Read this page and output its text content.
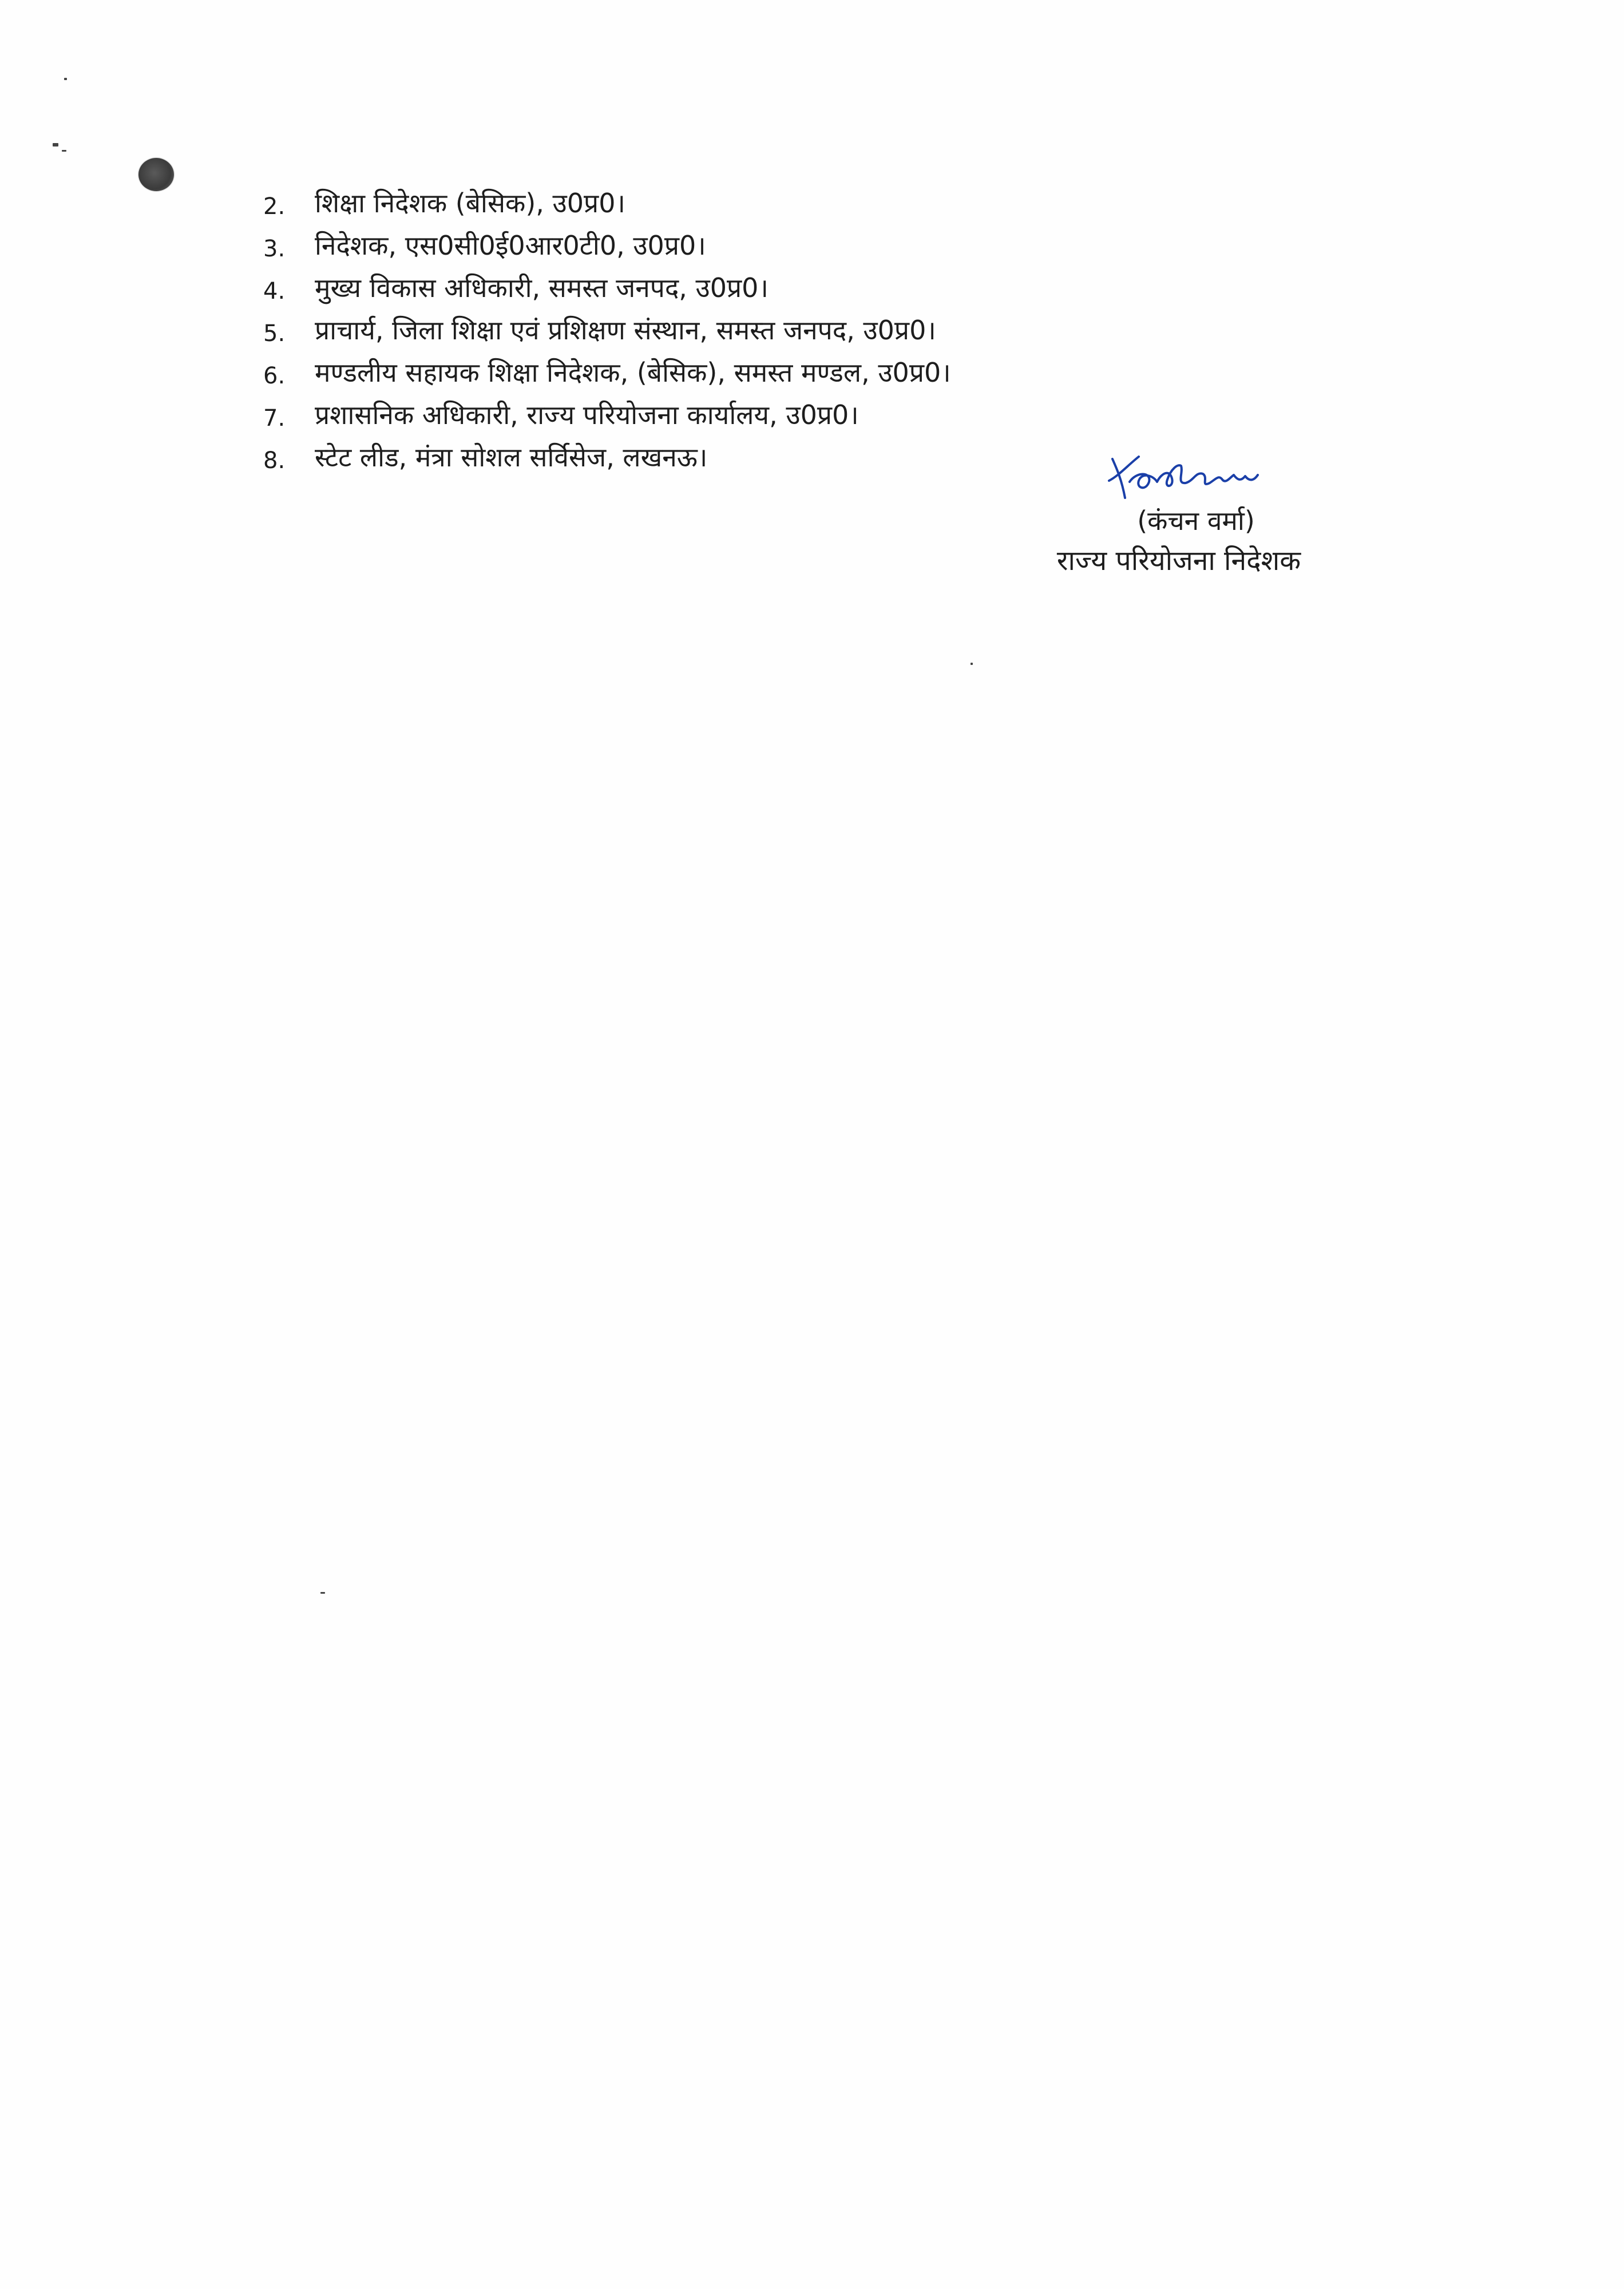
2.	शिक्षा निदेशक (बेसिक), उ0प्र0।
3.	निदेशक, एस0सी0ई0आर0टी0, उ0प्र0।
4.	मुख्य विकास अधिकारी, समस्त जनपद, उ0प्र0।
5.	प्राचार्य, जिला शिक्षा एवं प्रशिक्षण संस्थान, समस्त जनपद, उ0प्र0।
6.	मण्डलीय सहायक शिक्षा निदेशक, (बेसिक), समस्त मण्डल, उ0प्र0।
7.	प्रशासनिक अधिकारी, राज्य परियोजना कार्यालय, उ0प्र0।
8.	स्टेट लीड, मंत्रा सोशल सर्विसेज, लखनऊ।
(कंचन वर्मा)
राज्य परियोजना निदेशक
